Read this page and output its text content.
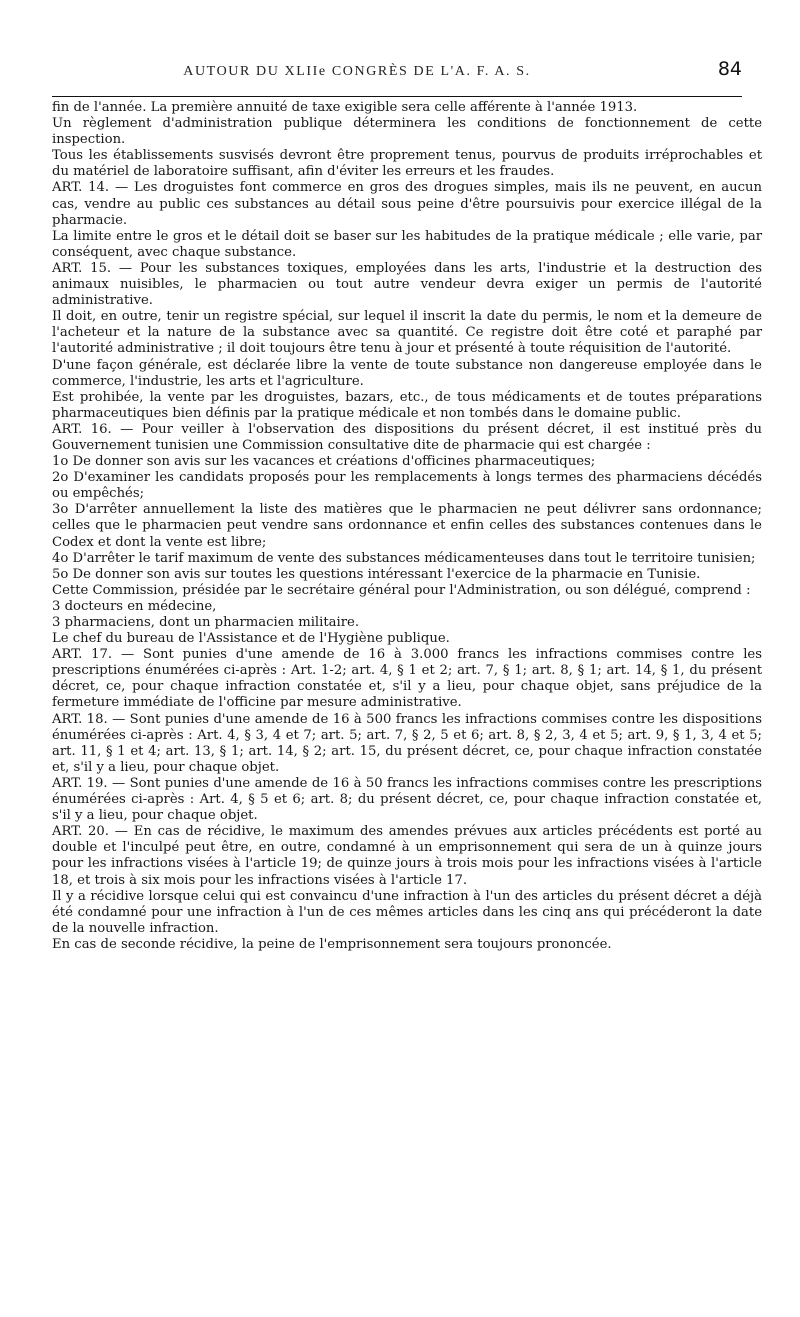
AUTOUR DU XLIIe CONGRÈS DE L'A. F. A. S.	84

fin de l'année. La première annuité de taxe exigible sera celle afférente à l'année 1913.

Un règlement d'administration publique déterminera les conditions de fonctionnement de cette inspection.

Tous les établissements susvisés devront être proprement tenus, pourvus de produits irréprochables et du matériel de laboratoire suffisant, afin d'éviter les erreurs et les fraudes.

ART. 14. — Les droguistes font commerce en gros des drogues simples, mais ils ne peuvent, en aucun cas, vendre au public ces substances au détail sous peine d'être poursuivis pour exercice illégal de la pharmacie.

La limite entre le gros et le détail doit se baser sur les habitudes de la pratique médicale ; elle varie, par conséquent, avec chaque substance.

ART. 15. — Pour les substances toxiques, employées dans les arts, l'industrie et la destruction des animaux nuisibles, le pharmacien ou tout autre vendeur devra exiger un permis de l'autorité administrative.

Il doit, en outre, tenir un registre spécial, sur lequel il inscrit la date du permis, le nom et la demeure de l'acheteur et la nature de la substance avec sa quantité. Ce registre doit être coté et paraphé par l'autorité administrative ; il doit toujours être tenu à jour et présenté à toute réquisition de l'autorité.

D'une façon générale, est déclarée libre la vente de toute substance non dangereuse employée dans le commerce, l'industrie, les arts et l'agriculture.

Est prohibée, la vente par les droguistes, bazars, etc., de tous médicaments et de toutes préparations pharmaceutiques bien définis par la pratique médicale et non tombés dans le domaine public.

ART. 16. — Pour veiller à l'observation des dispositions du présent décret, il est institué près du Gouvernement tunisien une Commission consultative dite de pharmacie qui est chargée :

1o De donner son avis sur les vacances et créations d'officines pharmaceutiques;

2o D'examiner les candidats proposés pour les remplacements à longs termes des pharmaciens décédés ou empêchés;

3o D'arrêter annuellement la liste des matières que le pharmacien ne peut délivrer sans ordonnance; celles que le pharmacien peut vendre sans ordonnance et enfin celles des substances contenues dans le Codex et dont la vente est libre;

4o D'arrêter le tarif maximum de vente des substances médicamenteuses dans tout le territoire tunisien;

5o De donner son avis sur toutes les questions intéressant l'exercice de la pharmacie en Tunisie.

Cette Commission, présidée par le secrétaire général pour l'Administration, ou son délégué, comprend :

3 docteurs en médecine,

3 pharmaciens, dont un pharmacien militaire.

Le chef du bureau de l'Assistance et de l'Hygiène publique.

ART. 17. — Sont punies d'une amende de 16 à 3.000 francs les infractions commises contre les prescriptions énumérées ci-après : Art. 1-2; art. 4, § 1 et 2; art. 7, § 1; art. 8, § 1; art. 14, § 1, du présent décret, ce, pour chaque infraction constatée et, s'il y a lieu, pour chaque objet, sans préjudice de la fermeture immédiate de l'officine par mesure administrative.

ART. 18. — Sont punies d'une amende de 16 à 500 francs les infractions commises contre les dispositions énumérées ci-après : Art. 4, § 3, 4 et 7; art. 5; art. 7, § 2, 5 et 6; art. 8, § 2, 3, 4 et 5; art. 9, § 1, 3, 4 et 5; art. 11, § 1 et 4; art. 13, § 1; art. 14, § 2; art. 15, du présent décret, ce, pour chaque infraction constatée et, s'il y a lieu, pour chaque objet.

ART. 19. — Sont punies d'une amende de 16 à 50 francs les infractions commises contre les prescriptions énumérées ci-après : Art. 4, § 5 et 6; art. 8; du présent décret, ce, pour chaque infraction constatée et, s'il y a lieu, pour chaque objet.

ART. 20. — En cas de récidive, le maximum des amendes prévues aux articles précédents est porté au double et l'inculpé peut être, en outre, condamné à un emprisonnement qui sera de un à quinze jours pour les infractions visées à l'article 19; de quinze jours à trois mois pour les infractions visées à l'article 18, et trois à six mois pour les infractions visées à l'article 17.

Il y a récidive lorsque celui qui est convaincu d'une infraction à l'un des articles du présent décret a déjà été condamné pour une infraction à l'un de ces mêmes articles dans les cinq ans qui précéderont la date de la nouvelle infraction.

En cas de seconde récidive, la peine de l'emprisonnement sera toujours prononcée.
